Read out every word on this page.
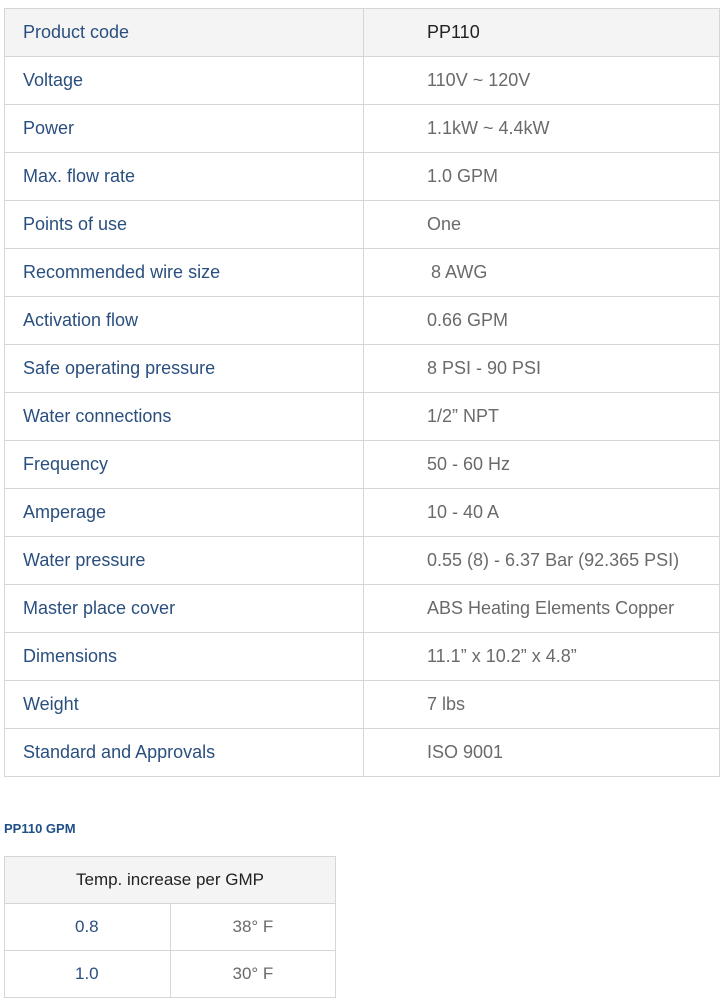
Product code	PP110
Voltage	110V ~ 120V
Power	1.1kW ~ 4.4kW
Max. flow rate	1.0 GPM
Points of use	One
Recommended wire size	8 AWG
Activation flow	0.66 GPM
Safe operating pressure	8 PSI - 90 PSI
Water connections	1/2” NPT
Frequency	50 - 60 Hz
Amperage	10 - 40 A
Water pressure	0.55 (8) - 6.37 Bar (92.365 PSI)
Master place cover	ABS Heating Elements Copper
Dimensions	11.1” x 10.2” x 4.8”
Weight	7 lbs
Standard and Approvals	ISO 9001
PP110 GPM
Temp. increase per GMP	
0.8	38° F
1.0	30° F
